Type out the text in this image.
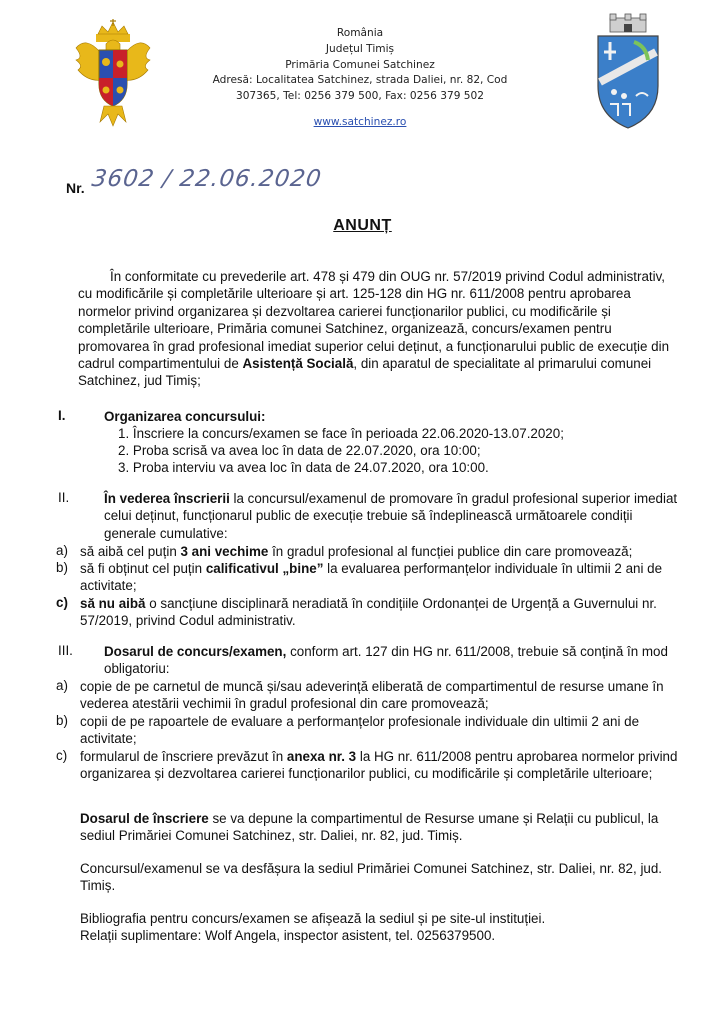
România
Județul Timiș
Primăria Comunei Satchinez
Adresă: Localitatea Satchinez, strada Daliei, nr. 82, Cod
307365, Tel: 0256 379 500, Fax: 0256 379 502
www.satchinez.ro
Nr. 3602 / 22.06.2020
ANUNȚ
În conformitate cu prevederile art. 478 și 479 din OUG nr. 57/2019 privind Codul administrativ, cu modificările și completările ulterioare și art. 125-128 din HG nr. 611/2008 pentru aprobarea normelor privind organizarea și dezvoltarea carierei funcționarilor publici, cu modificările și completările ulterioare, Primăria comunei Satchinez, organizează, concurs/examen pentru promovarea în grad profesional imediat superior celui deținut, a funcționarului public de execuție din cadrul compartimentului de Asistență Socială, din aparatul de specialitate al primarului comunei Satchinez, jud Timiș;
I.	Organizarea concursului:
1. Înscriere la concurs/examen se face în perioada 22.06.2020-13.07.2020;
2. Proba scrisă va avea loc în data de 22.07.2020, ora 10:00;
3. Proba interviu va avea loc în data de 24.07.2020, ora 10:00.
II.	În vederea înscrierii la concursul/examenul de promovare în gradul profesional superior imediat celui deținut, funcționarul public de execuție trebuie să îndeplinească următoarele condiții generale cumulative:
a) să aibă cel puțin 3 ani vechime în gradul profesional al funcției publice din care promovează;
b) să fi obținut cel puțin calificativul „bine” la evaluarea performanțelor individuale în ultimii 2 ani de activitate;
c) să nu aibă o sancțiune disciplinară neradiată în condițiile Ordonanței de Urgență a Guvernului nr. 57/2019, privind Codul administrativ.
III. Dosarul de concurs/examen, conform art. 127 din HG nr. 611/2008, trebuie să conțină în mod obligatoriu:
a) copie de pe carnetul de muncă și/sau adeverință eliberată de compartimentul de resurse umane în vederea atestării vechimii în gradul profesional din care promovează;
b) copii de pe rapoartele de evaluare a performanțelor profesionale individuale din ultimii 2 ani de activitate;
c) formularul de înscriere prevăzut în anexa nr. 3 la HG nr. 611/2008 pentru aprobarea normelor privind organizarea și dezvoltarea carierei funcționarilor publici, cu modificările și completările ulterioare;
Dosarul de înscriere se va depune la compartimentul de Resurse umane și Relații cu publicul, la sediul Primăriei Comunei Satchinez, str. Daliei, nr. 82, jud. Timiș.
Concursul/examenul se va desfășura la sediul Primăriei Comunei Satchinez, str. Daliei, nr. 82, jud. Timiș.
Bibliografia pentru concurs/examen se afișează la sediul și pe site-ul instituției.
Relații suplimentare: Wolf Angela, inspector asistent, tel. 0256379500.
